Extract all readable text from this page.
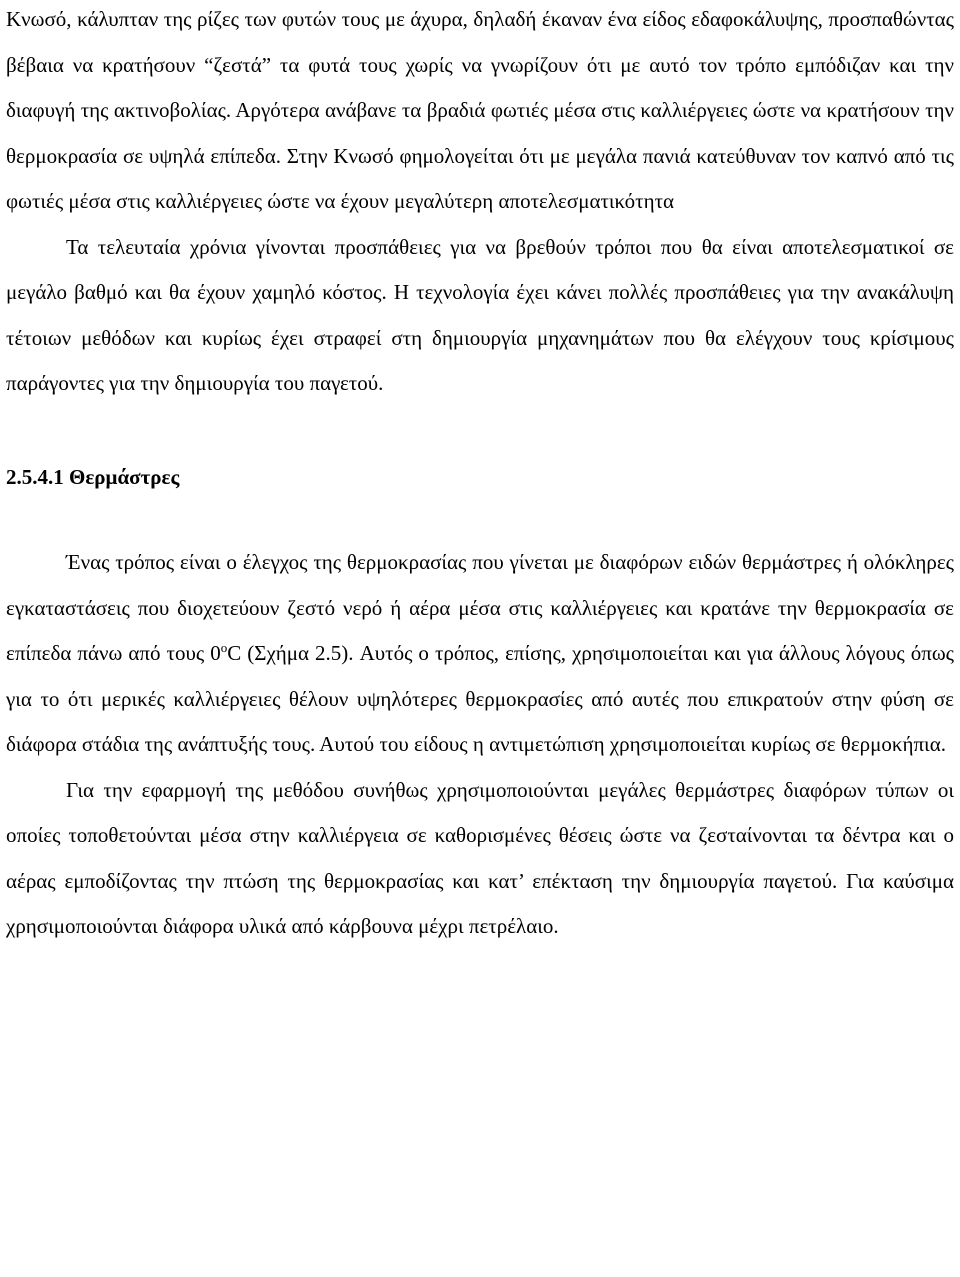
Κνωσό, κάλυπταν της ρίζες των φυτών τους με άχυρα, δηλαδή έκαναν ένα είδος εδαφοκάλυψης, προσπαθώντας βέβαια να κρατήσουν “ζεστά” τα φυτά τους χωρίς να γνωρίζουν ότι με αυτό τον τρόπο εμπόδιζαν και την διαφυγή της ακτινοβολίας. Αργότερα ανάβανε τα βραδιά φωτιές μέσα στις καλλιέργειες ώστε να κρατήσουν την θερμοκρασία σε υψηλά επίπεδα. Στην Κνωσό φημολογείται ότι με μεγάλα πανιά κατεύθυναν τον καπνό από τις φωτιές μέσα στις καλλιέργειες ώστε να έχουν μεγαλύτερη αποτελεσματικότητα

Τα τελευταία χρόνια γίνονται προσπάθειες για να βρεθούν τρόποι που θα είναι αποτελεσματικοί σε μεγάλο βαθμό και θα έχουν χαμηλό κόστος. Η τεχνολογία έχει κάνει πολλές προσπάθειες για την ανακάλυψη τέτοιων μεθόδων και κυρίως έχει στραφεί στη δημιουργία μηχανημάτων που θα ελέγχουν τους κρίσιμους παράγοντες για την δημιουργία του παγετού.

2.5.4.1 Θερμάστρες

Ένας τρόπος είναι ο έλεγχος της θερμοκρασίας που γίνεται με διαφόρων ειδών θερμάστρες ή ολόκληρες εγκαταστάσεις που διοχετεύουν ζεστό νερό ή αέρα μέσα στις καλλιέργειες και κρατάνε την θερμοκρασία σε επίπεδα πάνω από τους 0$^o$C (Σχήμα 2.5). Αυτός ο τρόπος, επίσης, χρησιμοποιείται και για άλλους λόγους όπως για το ότι μερικές καλλιέργειες θέλουν υψηλότερες θερμοκρασίες από αυτές που επικρατούν στην φύση σε διάφορα στάδια της ανάπτυξής τους. Αυτού του είδους η αντιμετώπιση χρησιμοποιείται κυρίως σε θερμοκήπια.

Για την εφαρμογή της μεθόδου συνήθως χρησιμοποιούνται μεγάλες θερμάστρες διαφόρων τύπων οι οποίες τοποθετούνται μέσα στην καλλιέργεια σε καθορισμένες θέσεις ώστε να ζεσταίνονται τα δέντρα και ο αέρας εμποδίζοντας την πτώση της θερμοκρασίας και κατ’ επέκταση την δημιουργία παγετού. Για καύσιμα χρησιμοποιούνται διάφορα υλικά από κάρβουνα μέχρι πετρέλαιο.
